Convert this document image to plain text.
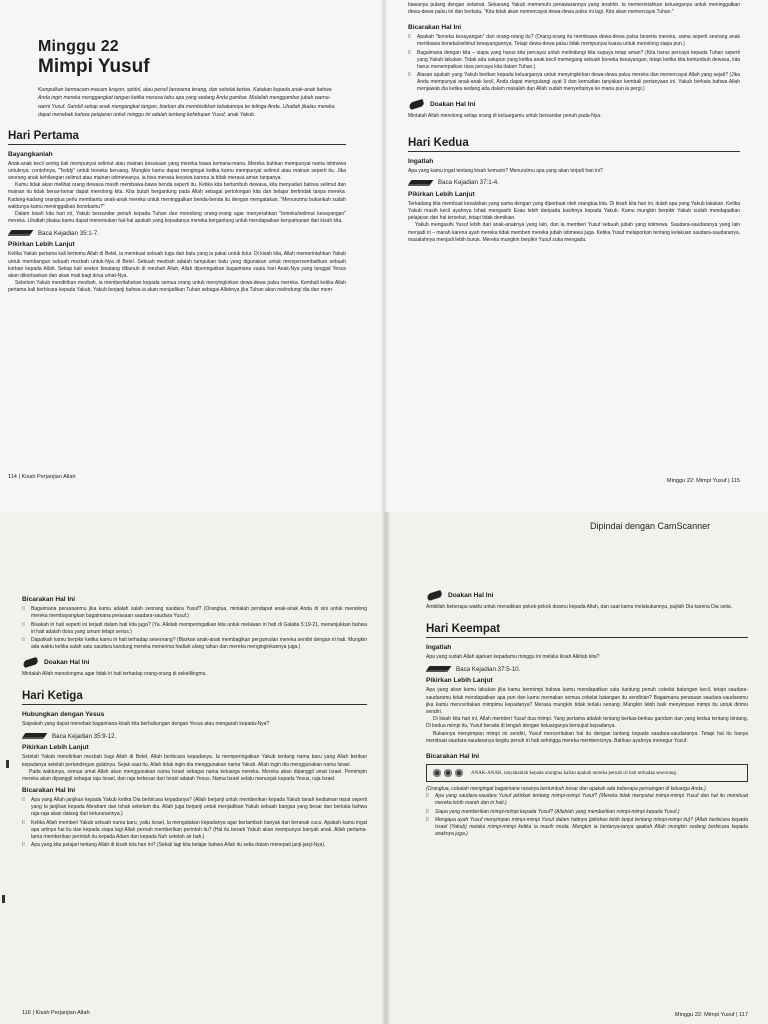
Minggu 22
Mimpi Yusuf
Kumpulkan bermacam-macam krayon, spidol, atau pensil berwarna terang, dan sehelai kertas. Katakan kepada anak-anak bahwa Anda ingin mereka menggangkat tangan ketika merasa tahu apa yang sedang Anda gambar. Mulailah menggambar jubah warna-warni Yusuf. Sambil setiap anak mengangkat tangan, biarkan dia membisikkan tebakannya ke telinga Anda. Lihatlah jikalau mereka dapat menebak bahwa pelajaran untuk minggu ini adalah tentang kehidupan Yusuf, anak Yakub.
Hari Pertama
Bayangkanlah

Anak-anak kecil sering kali mempunyai selimut atau mainan kesukaan yang mereka bawa kemana-mana. Mereka bahkan mempunyai nama istimewa untuknya; contohnya, "Teddy" untuk boneka beruang. Mungkin kamu dapat mengingat ketika kamu mempunyai selimut atau mainan seperti itu. Jika seorang anak kehilangan selimut atau mainan istimewanya, ia bisa merasa kecewa karena ia tidak merasa aman tanpanya.

Kamu tidak akan melihat orang dewasa masih membawa-bawa benda seperti itu. Ketika kita bertumbuh dewasa, kita menyadari bahwa selimut dan mainan itu tidak benar-benar dapat menolong kita. Kita butuh bergantung pada Allah sebagai pertolongan kita dan belajar bertindak tanpa mereka. Kadang-kadang orangtua perlu membantu anak-anak mereka untuk meninggalkan benda-benda itu dengan mengatakan, "Menurutmu bukankah sudah waktunya kamu meninggalkan bonekamu?"

Dalam kisah kita hari ini, Yakub bersandar penuh kepada Tuhan dan menolong orang-orang agar menyerahkan "boneka/selimut kesayangan" mereka. Lihatlah jikalau kamu dapat menemukan hal-hal apakah yang kepadanya mereka bergantung untuk mendapatkan kenyamanan dari kisah kita.

Baca Kejadian 35:1-7.
Pikirkan Lebih Lanjut

Ketika Yakub pertama kali bertemu Allah di Betel, ia membuat sebuah tugu dari batu yang ia pakai untuk tidur. Di kisah kita, Allah memerintahkan Yakub untuk membangun sebuah mezbah untuk-Nya di Betel. Sebuah mezbah adalah tumpukan batu yang digunakan untuk mempersembahkan sebuah korban kepada Allah. Setiap kali seekor binatang dibunuh di mezbah Allah, Allah diperingatkan bagaimana suatu hari Anak-Nya yang tunggal Yesus akan dikorbankan dan akan mati bagi dosa umat-Nya.

Sebelum Yakub mendirikan mezbah, ia memberitahukan kepada semua orang untuk menyingkirkan dewa-dewa palsu mereka. Kembali ketika Allah pertama kali berbicara kepada Yakub, Yakub berjanji bahwa ia akan menjadikan Tuhan sebagai Allahnya jika Tuhan akan melindungi dia dan mem-

114 | Kisah Perjanjian Allah

bawanya pulang dengan selamat. Sekarang Yakub memenuhi penawarannya yang terakhir. Ia memerintahkan keluarganya untuk meninggalkan dewa-dewa palsu ini dan berkata, "Kita tidak akan memercayai dewa-dewa palsu ini lagi. Kita akan memercayai Tuhan."

Bicarakan Hal Ini
⁞⁞	Apakah "boneka kesayangan" dari orang-orang itu? (Orang-orang itu membawa dewa-dewa palsu beserta mereka, sama seperti seorang anak membawa boneka/selimut kesayangannya. Tetapi dewa-dewa palsu tidak mempunyai kuasa untuk menolong siapa pun.)
⁞⁞	Bagaimana dengan kita – siapa yang harus kita percayai untuk melindungi kita supaya tetap aman? (Kita harus percaya kepada Tuhan seperti yang Yakub lakukan. Tidak ada satupun yang ketika anak kecil memegang sebuah boneka kesayangan, tetapi ketika kita bertumbuh dewasa, kita harus menempatkan rasa percaya kita dalam Tuhan.)
⁞⁞	Alasan apakah yang Yakub berikan kepada keluarganya untuk menyingkirkan dewa-dewa palsu mereka dan memercayai Allah yang sejati? (Jika Anda mempunyai anak-anak kecil, Anda dapat mengulangi ayat 3 dan kemudian tanyakan kembali pertanyaan ini. Yakub berkata bahwa Allah menjawab dia ketika sedang ada dalam masalah dan Allah sudah menyertainya ke mana pun ia pergi.)
Doakan Hal Ini

Mintalah Allah menolong setiap orang di keluargamu untuk bersandar penuh pada-Nya.

Hari Kedua
Ingatlah

Apa yang kamu ingat tentang kisah kemarin? Menurutmu apa yang akan terjadi hari ini?

Baca Kejadian 37:1-4.
Pikirkan Lebih Lanjut

Terkadang kita membuat kesalahan yang sama dengan yang diperbuat oleh orangtua kita. Di kisah kita hari ini, itulah apa yang Yakub lakukan. Ketika Yakub masih kecil ayahnya Ishak mengasihi Esau lebih daripada kasihnya kepada Yakub. Kamu mungkin berpikir Yakub sudah mendapatkan pelajaran dari hal tersebut, tetapi tidak demikian.

Yakub mengasihi Yusuf lebih dari anak-anaknya yang lain, dan ia memberi Yusuf sebuah jubah yang istimewa. Saudara-saudaranya yang lain menjadi iri – marah karena ayah mereka tidak memberi mereka jubah istimewa juga. Ketika Yusuf melaporkan tentang kelakuan saudara-saudaranya, masalahnya menjadi lebih buruk. Mereka mungkin berpikir Yusuf suka mengadu.

Minggu 22: Mimpi Yusuf | 115
Dipindai dengan CamScanner
Bicarakan Hal Ini
⁞⁞	Bagaimana perasaanmu jika kamu adalah salah seorang saudara Yusuf? (Orangtua, mintalah pendapat anak-anak Anda di sini untuk menolong mereka membayangkan bagaimana perasaan saudara-saudara Yusuf.)
⁞⁞	Bisakah iri hati seperti ini terjadi dalam hati kita juga? (Ya. Alkitab memperingatkan kita untuk melawan iri hati di Galatia 5:19-21, menunjukkan bahwa iri hati adalah dosa yang umum tetapi serius.)
⁞⁞	Dapatkah kamu berpikir ketika kamu iri hati terhadap seseorang? (Biarkan anak-anak membagikan pergumulan mereka sendiri dengan iri hati. Mungkin ada waktu ketika salah satu saudara kandung mereka menerima hadiah ulang tahun dan mereka menginginkannya juga.)
Doakan Hal Ini

Mintalah Allah menolongmu agar tidak iri hati terhadap orang-orang di sekelilingmu.

Hari Ketiga
Hubungkan dengan Yesus

Siapakah yang dapat menebak bagaimana kisah kita berhubungan dengan Yesus atau mengarah kepada-Nya?

Baca Kejadian 35:9-12.
Pikirkan Lebih Lanjut

Setelah Yakub mendirikan mezbah bagi Allah di Betel, Allah berbicara kepadanya. Ia memperingatkan Yakub tentang nama baru yang Allah berikan kepadanya setelah pertandingan gulatnya. Sejak saat itu, Allah tidak ingin dia menggunakan nama Yakub. Allah ingin dia menggunakan nama Israel.

Pada waktunya, semua umat Allah akan menggunakan nama Israel sebagai nama keluarga mereka. Mereka akan dipanggil umat Israel. Pemimpin mereka akan dipanggil sebagai raja Israel, dan raja terbesar dari Israel adalah Yesus. Nama Israel selalu menunjuk kepada Yesus, raja Israel.

Bicarakan Hal Ini
⁞⁞	Apa yang Allah janjikan kepada Yakub ketika Dia berbicara kepadanya? (Allah berjanji untuk memberikan kepada Yakub tanah kediaman tepat seperti yang Ia janjikan kepada Abraham dan Ishak sebelum dia. Allah juga berjanji untuk menjadikan Yakub sebuah bangsa yang besar dan berkata bahwa raja-raja akan datang dari keturunannya.)
⁞⁞	Ketika Allah memberi Yakub sebuah nama baru, yaitu Israel, Ia mengatakan kepadanya agar bertambah banyak dan beranak cucu. Apakah kamu ingat apa artinya hal itu dan kepada siapa lagi Allah pernah memberikan perintah itu? (Hal itu berarti Yakub akan mempunyai banyak anak. Allah pertama-tama memberikan perintah itu kepada Adam dan kepada Nuh setelah air bah.)
⁞⁞	Apa yang kita pelajari tentang Allah di kisah kita hari ini? (Sekali lagi kita belajar bahwa Allah itu setia dalam menepati janji-janji-Nya).
116 | Kisah Perjanjian Allah
Doakan Hal Ini

Ambillah beberapa waktu untuk menaikkan pokok-pokok doamu kepada Allah, dan saat kamu melakukannya, pujilah Dia karena Dia setia.

Hari Keempat
Ingatlah

Apa yang sudah Allah ajarkan kepadamu minggu ini melalui kisah Alkitab kita?

Baca Kejadian 37:5-10.
Pikirkan Lebih Lanjut

Apa yang akan kamu lakukan jika kamu bermimpi bahwa kamu mendapatkan satu kantung penuh cokelat batangan kecil, tetapi saudara-saudaramu tidak mendapatkan apa pun dan kamu memakan semua cokelat batangan itu sendirian? Bagaimana perasaan saudara-saudaramu jika kamu menceritakan mimpimu kepadanya? Merasa mungkin tidak terlalu senang. Mungkin lebih baik menyimpan mimpi itu untuk dirimu sendiri.

Di kisah kita hari ini, Allah memberi Yusuf dua mimpi. Yang pertama adalah tentang berkas-berkas gandum dan yang kedua tentang bintang. Di kedua mimpi itu, Yusuf berada di tengah dengan keluarganya bersujud kepadanya.

Bukannya menyimpan mimpi ini sendiri, Yusuf menceritakan hal itu dengan lantang kepada saudara-saudaranya. Tetapi hal itu hanya membuat saudara-saudaranya begitu penuh iri hati sehingga mereka membencinya. Bahkan ayahnya menegur Yusuf.

Bicarakan Hal Ini
ANAK-ANAK, tanyakanlah kepada orangtua kalian apakah mereka pernah iri hati terhadap seseorang.

(Orangtua, cobalah mengingat bagaimana rasanya bertumbuh besar dan apakah ada beberapa persaingan di keluarga Anda.)

⁞⁞	Apa yang saudara-saudara Yusuf pikirkan tentang mimpi-mimpi Yusuf? (Mereka tidak menyukai mimpi-mimpi Yusuf dan hal itu membuat mereka lebih marah dan iri hati.)
⁞⁞	Siapa yang memberikan mimpi-mimpi kepada Yusuf? (Allahlah yang memberikan mimpi-mimpi kepada Yusuf.)
⁞⁞	Mengapa ayah Yusuf menyimpan mimpi-mimpi Yusuf dalam hatinya (pikirkan lebih lanjut tentang mimpi-mimpi itu)? (Allah berbicara kepada Israel (Yakub) melalui mimpi-mimpi ketika ia masih muda. Mungkin ia bertanya-tanya apakah Allah mungkin sedang berbicara kepada anaknya juga.)
Minggu 22: Mimpi Yusuf | 117
